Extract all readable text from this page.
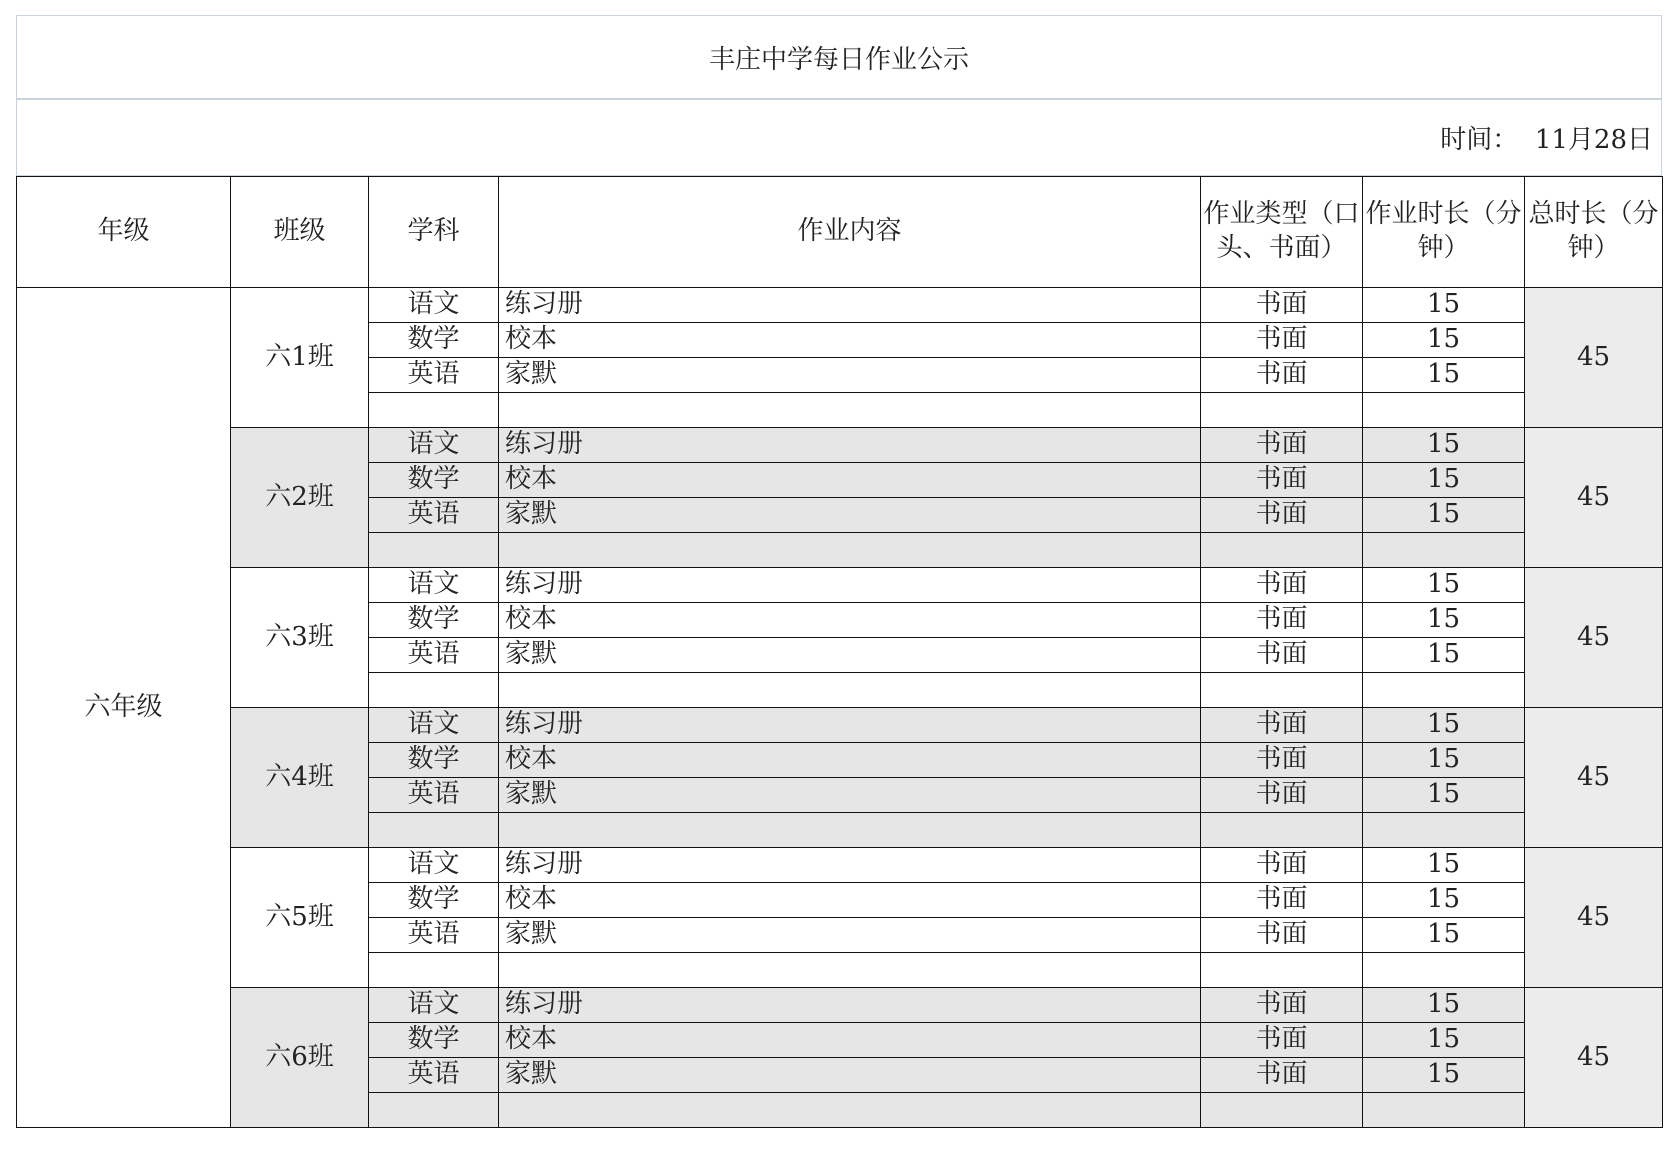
丰庄中学每日作业公示
时间：
11月28日
年级	班级	学科	作业内容	作业类型（口头、书面）	作业时长（分钟）	总时长（分钟）
六年级	六1班	语文	练习册	书面	15	45
		数学	校本	书面	15	
		英语	家默	书面	15	

	六2班	语文	练习册	书面	15	45
		数学	校本	书面	15	
		英语	家默	书面	15	

	六3班	语文	练习册	书面	15	45
		数学	校本	书面	15	
		英语	家默	书面	15	

	六4班	语文	练习册	书面	15	45
		数学	校本	书面	15	
		英语	家默	书面	15	

	六5班	语文	练习册	书面	15	45
		数学	校本	书面	15	
		英语	家默	书面	15	

	六6班	语文	练习册	书面	15	45
		数学	校本	书面	15	
		英语	家默	书面	15	
